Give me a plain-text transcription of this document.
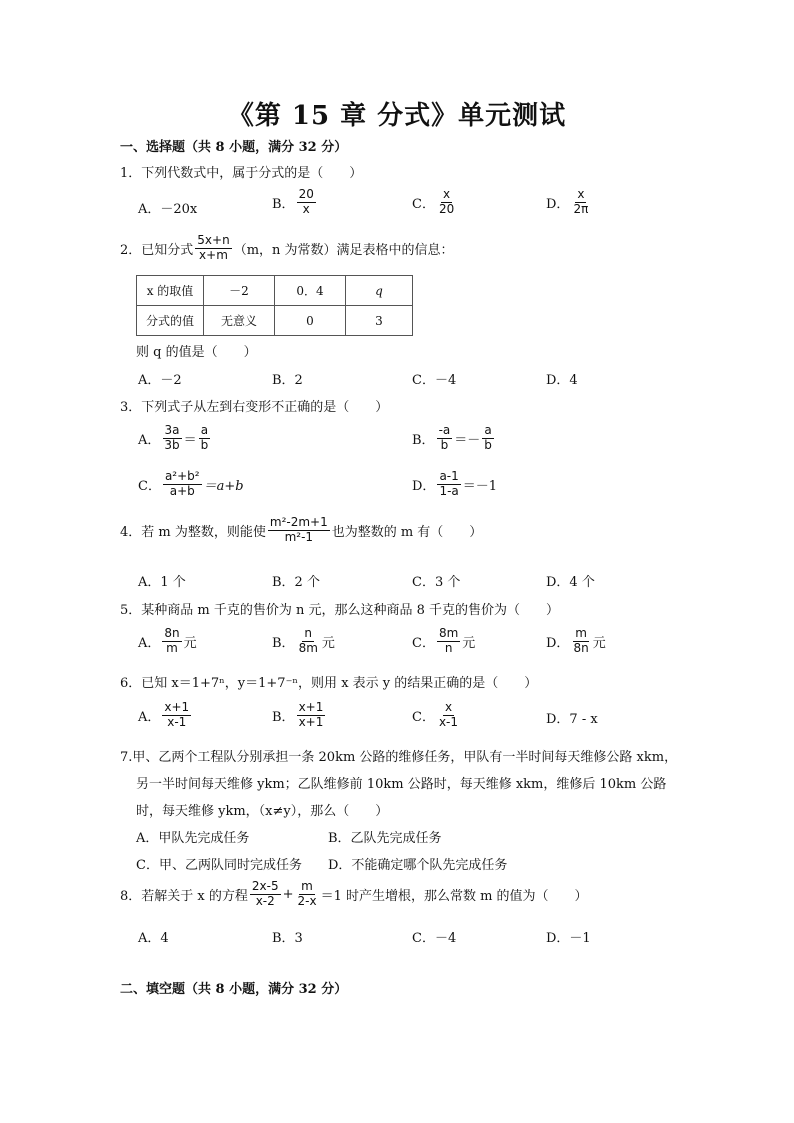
《第 15 章 分式》单元测试
一、选择题（共 8 小题，满分 32 分）
1．下列代数式中，属于分式的是（　　）
A．－20x	B． $\frac{20}{x}$	C． $\frac{x}{20}$	D． $\frac{x}{2\pi}$
2．已知分式 $\frac{5x+n}{x+m} (m$，n 为常数）满足表格中的信息：
x 的取值	－2	0．4	q
分式的值	无意义	0	3
则 q 的值是（　　）
A．－2	B．2	C．－4	D．4
3．下列式子从左到右变形不正确的是（　　）
A． $\frac{3a}{3b} = \frac{a}{b}$	B． $\frac{-a}{b} =- \frac{a}{b}$
C． $\frac{\text{a²+b²}}{a+b} =a+b$	D． $\frac{a-1}{1-a} =-1$
4．若 m 为整数，则能使 $\frac{\text{m²-2m+1}}{\text{m²-1}}$ 也为整数的 m 有（　　）
A．1 个	B．2 个	C．3 个	D．4 个
5．某种商品 m 千克的售价为 n 元，那么这种商品 8 千克的售价为（　　）
A． $\frac{8n}{m}$ 元	B． $\frac{n}{8m}$ 元	C． $\frac{8m}{n}$ 元	D． $\frac{m}{8n}$ 元
6．已知 x＝1+7ⁿ，y＝1+7⁻ⁿ，则用 x 表示 y 的结果正确的是（　　）
A． $\frac{x+1}{x-1}$	B． $\frac{x+1}{x+1}$	C． $\frac{x}{x-1}$	D．7 - x
7.甲、乙两个工程队分别承担一条 20km 公路的维修任务，甲队有一半时间每天维修公路 xkm，
另一半时间每天维修 ykm；乙队维修前 10km 公路时，每天维修 xkm，维修后 10km 公路
时，每天维修 ykm，（x≠y），那么（　　）
A．甲队先完成任务	B．乙队先完成任务
C．甲、乙两队同时完成任务 D．不能确定哪个队先完成任务
8．若解关于 x 的方程 $\frac{2x-5}{x-2} + \frac{m}{2-x} =1$ 时产生增根，那么常数 m 的值为（　　）
A．4	B．3	C．－4	D．－1
二、填空题（共 8 小题，满分 32 分）
